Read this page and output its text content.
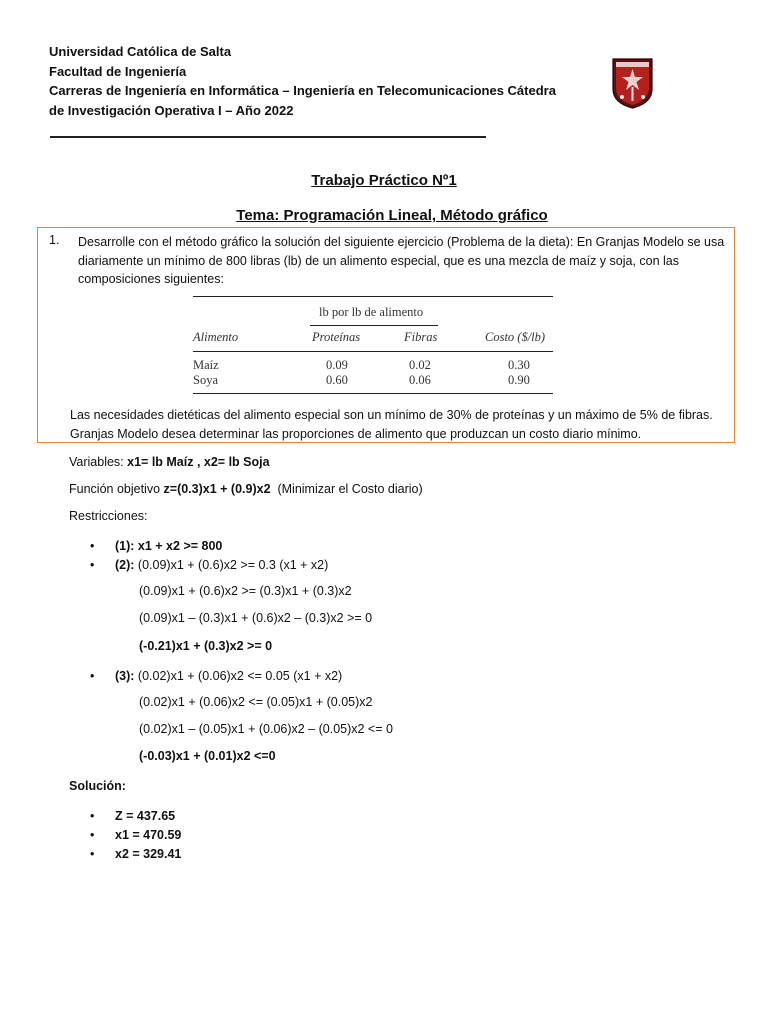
Universidad Católica de Salta
Facultad de Ingeniería
Carreras de Ingeniería en Informática – Ingeniería en Telecomunicaciones Cátedra
de Investigación Operativa I – Año 2022
Trabajo Práctico Nº1
Tema: Programación Lineal, Método gráfico
1. Desarrolle con el método gráfico la solución del siguiente ejercicio (Problema de la dieta): En Granjas Modelo se usa diariamente un mínimo de 800 libras (lb) de un alimento especial, que es una mezcla de maíz y soja, con las composiciones siguientes:
lb por lb de alimento
Alimento	Proteínas	Fibras	Costo ($/lb)
Maíz	0.09	0.02	0.30
Soya	0.60	0.06	0.90
Las necesidades dietéticas del alimento especial son un mínimo de 30% de proteínas y un máximo de 5% de fibras. Granjas Modelo desea determinar las proporciones de alimento que produzcan un costo diario mínimo.
Variables: x1= lb Maíz , x2= lb Soja
Función objetivo z=(0.3)x1 + (0.9)x2  (Minimizar el Costo diario)
Restricciones:
• (1): x1 + x2 >= 800
• (2): (0.09)x1 + (0.6)x2 >= 0.3 (x1 + x2)
(0.09)x1 + (0.6)x2 >= (0.3)x1 + (0.3)x2
(0.09)x1 – (0.3)x1 + (0.6)x2 – (0.3)x2 >= 0
(-0.21)x1 + (0.3)x2 >= 0
• (3): (0.02)x1 + (0.06)x2 <= 0.05 (x1 + x2)
(0.02)x1 + (0.06)x2 <= (0.05)x1 + (0.05)x2
(0.02)x1 – (0.05)x1 + (0.06)x2 – (0.05)x2 <= 0
(-0.03)x1 + (0.01)x2 <=0
Solución:
• Z = 437.65
• x1 = 470.59
• x2 = 329.41
